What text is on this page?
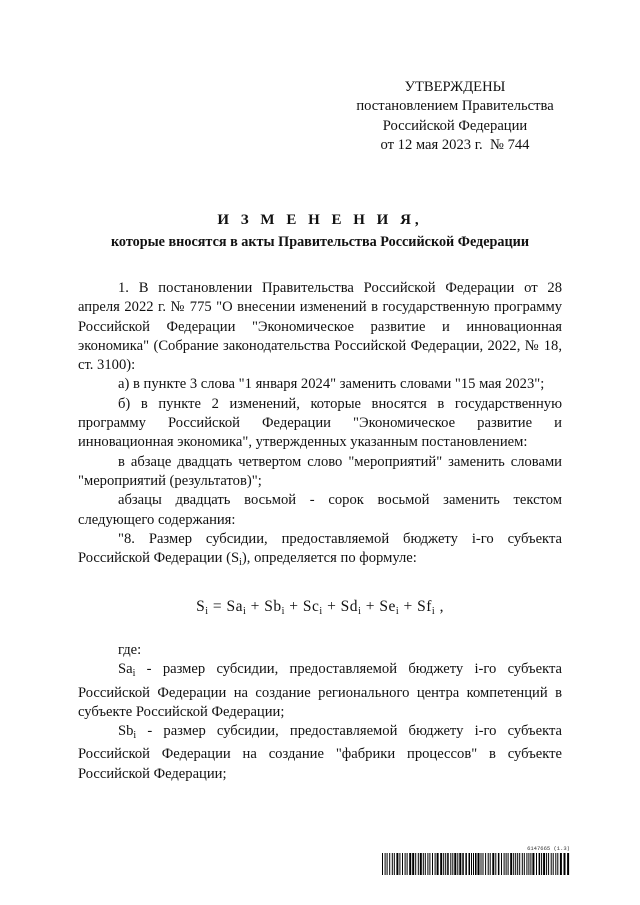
УТВЕРЖДЕНЫ
постановлением Правительства
Российской Федерации
от 12 мая 2023 г.  № 744
И З М Е Н Е Н И Я,
которые вносятся в акты Правительства Российской Федерации

1. В постановлении Правительства Российской Федерации от 28 апреля 2022 г. № 775 "О внесении изменений в государственную программу Российской Федерации "Экономическое развитие и инновационная экономика" (Собрание законодательства Российской Федерации, 2022, № 18, ст. 3100):

а) в пункте 3 слова "1 января 2024" заменить словами "15 мая 2023";

б) в пункте 2 изменений, которые вносятся в государственную программу Российской Федерации "Экономическое развитие и инновационная экономика", утвержденных указанным постановлением:

в абзаце двадцать четвертом слово "мероприятий" заменить словами "мероприятий (результатов)";

абзацы двадцать восьмой - сорок восьмой заменить текстом следующего содержания:

"8. Размер субсидии, предоставляемой бюджету i-го субъекта Российской Федерации $(S_i)$, определяется по формуле:

$S_i = Sa_i + Sb_i + Sc_i + Sd_i + Se_i + Sf_i$ ,

где:

$Sa_i$ - размер субсидии, предоставляемой бюджету i-го субъекта Российской Федерации на создание регионального центра компетенций в субъекте Российской Федерации;

$Sb_i$ - размер субсидии, предоставляемой бюджету i-го субъекта Российской Федерации на создание "фабрики процессов" в субъекте Российской Федерации;

6147665 (1.3)
